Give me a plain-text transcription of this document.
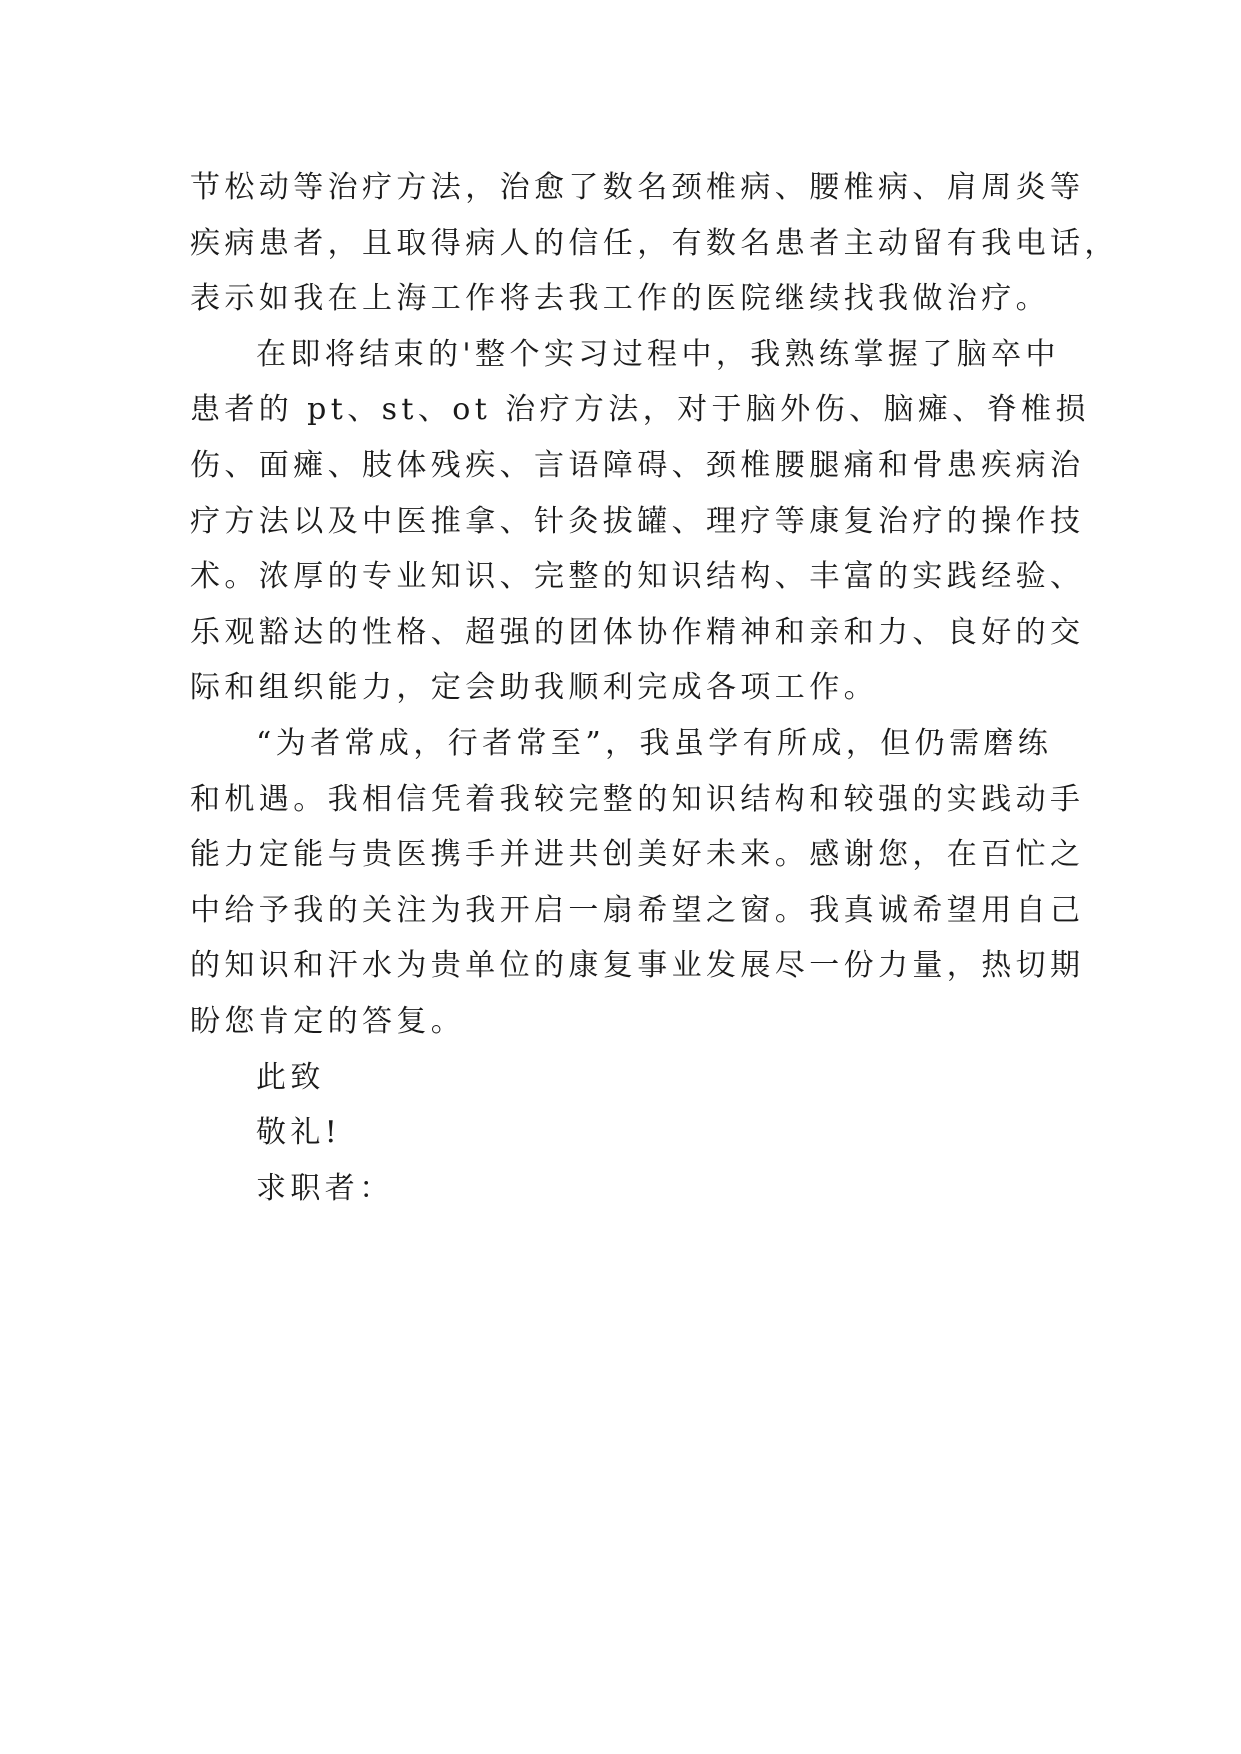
节松动等治疗方法，治愈了数名颈椎病、腰椎病、肩周炎等
疾病患者，且取得病人的信任，有数名患者主动留有我电话，
表示如我在上海工作将去我工作的医院继续找我做治疗。
在即将结束的'整个实习过程中，我熟练掌握了脑卒中
患者的 pt、st、ot 治疗方法，对于脑外伤、脑瘫、脊椎损
伤、面瘫、肢体残疾、言语障碍、颈椎腰腿痛和骨患疾病治
疗方法以及中医推拿、针灸拔罐、理疗等康复治疗的操作技
术。浓厚的专业知识、完整的知识结构、丰富的实践经验、
乐观豁达的性格、超强的团体协作精神和亲和力、良好的交
际和组织能力，定会助我顺利完成各项工作。
“为者常成，行者常至”，我虽学有所成，但仍需磨练
和机遇。我相信凭着我较完整的知识结构和较强的实践动手
能力定能与贵医携手并进共创美好未来。感谢您，在百忙之
中给予我的关注为我开启一扇希望之窗。我真诚希望用自己
的知识和汗水为贵单位的康复事业发展尽一份力量，热切期
盼您肯定的答复。
此致
敬礼!
求职者：
